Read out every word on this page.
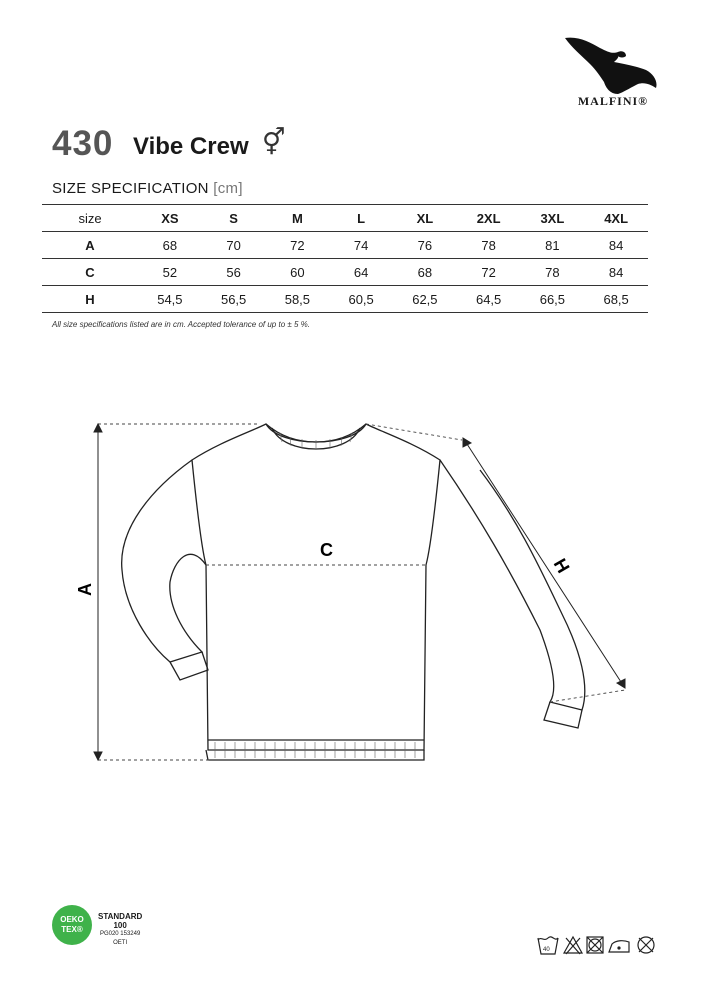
MALFINI®
430 Vibe Crew ⚥
SIZE SPECIFICATION [cm]
size	XS	S	M	L	XL	2XL	3XL	4XL
A	68	70	72	74	76	78	81	84
C	52	56	60	64	68	72	78	84
H	54,5	56,5	58,5	60,5	62,5	64,5	66,5	68,5
All size specifications listed are in cm. Accepted tolerance of up to ± 5 %.
A
C
H
OEKO
TEX®
STANDARD
100
PG020 153249
OETI
40
